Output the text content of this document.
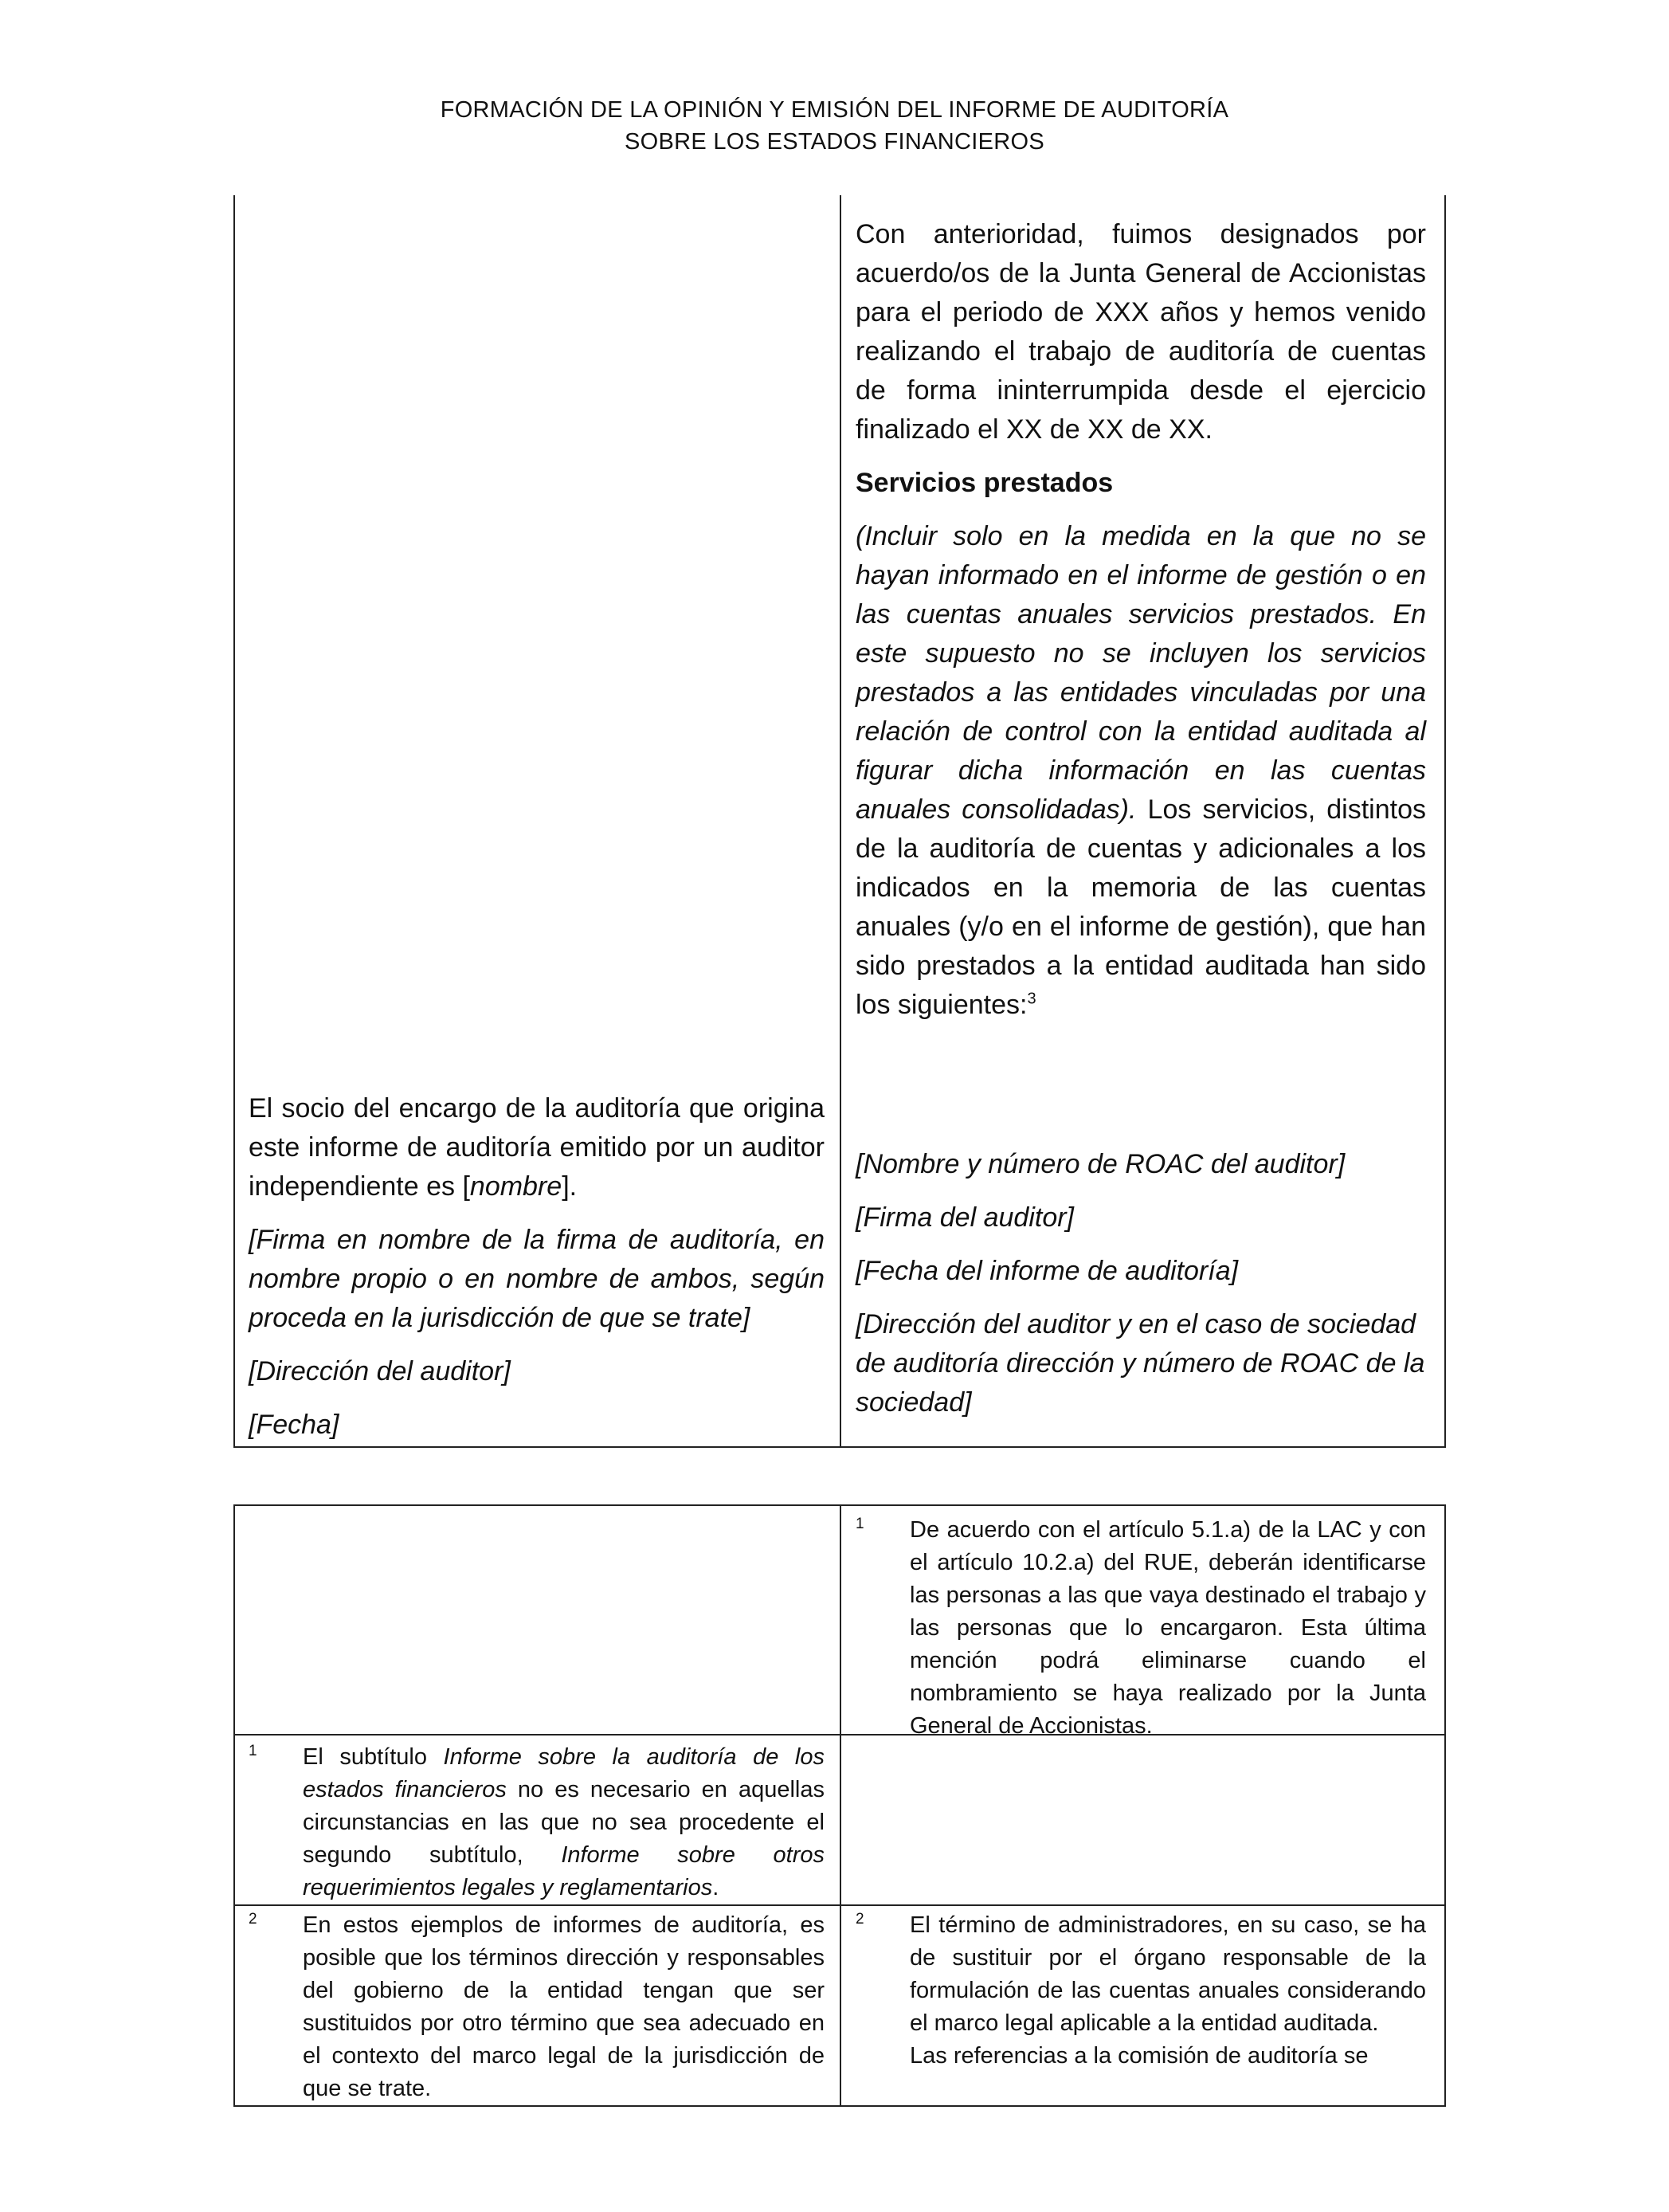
FORMACIÓN DE LA OPINIÓN Y EMISIÓN DEL INFORME DE AUDITORÍA
SOBRE LOS ESTADOS FINANCIEROS

Con anterioridad, fuimos designados por acuerdo/os de la Junta General de Accionistas para el periodo de XXX años y hemos venido realizando el trabajo de auditoría de cuentas de forma ininterrumpida desde el ejercicio finalizado el XX de XX de XX.

Servicios prestados

(Incluir solo en la medida en la que no se hayan informado en el informe de gestión o en las cuentas anuales servicios prestados. En este supuesto no se incluyen los servicios prestados a las entidades vinculadas por una relación de control con la entidad auditada al figurar dicha información en las cuentas anuales consolidadas). Los servicios, distintos de la auditoría de cuentas y adicionales a los indicados en la memoria de las cuentas anuales (y/o en el informe de gestión), que han sido prestados a la entidad auditada han sido los siguientes:$^3$

El socio del encargo de la auditoría que origina este informe de auditoría emitido por un auditor independiente es [nombre].

[Firma en nombre de la firma de auditoría, en nombre propio o en nombre de ambos, según proceda en la jurisdicción de que se trate]

[Dirección del auditor]

[Fecha]

[Nombre y número de ROAC del auditor]

[Firma del auditor]

[Fecha del informe de auditoría]

[Dirección del auditor y en el caso de sociedad de auditoría dirección y número de ROAC de la sociedad]

1 De acuerdo con el artículo 5.1.a) de la LAC y con el artículo 10.2.a) del RUE, deberán identificarse las personas a las que vaya destinado el trabajo y las personas que lo encargaron. Esta última mención podrá eliminarse cuando el nombramiento se haya realizado por la Junta General de Accionistas.

1 El subtítulo Informe sobre la auditoría de los estados financieros no es necesario en aquellas circunstancias en las que no sea procedente el segundo subtítulo, Informe sobre otros requerimientos legales y reglamentarios.

2 En estos ejemplos de informes de auditoría, es posible que los términos dirección y responsables del gobierno de la entidad tengan que ser sustituidos por otro término que sea adecuado en el contexto del marco legal de la jurisdicción de que se trate.

2 El término de administradores, en su caso, se ha de sustituir por el órgano responsable de la formulación de las cuentas anuales considerando el marco legal aplicable a la entidad auditada.

Las referencias a la comisión de auditoría se
